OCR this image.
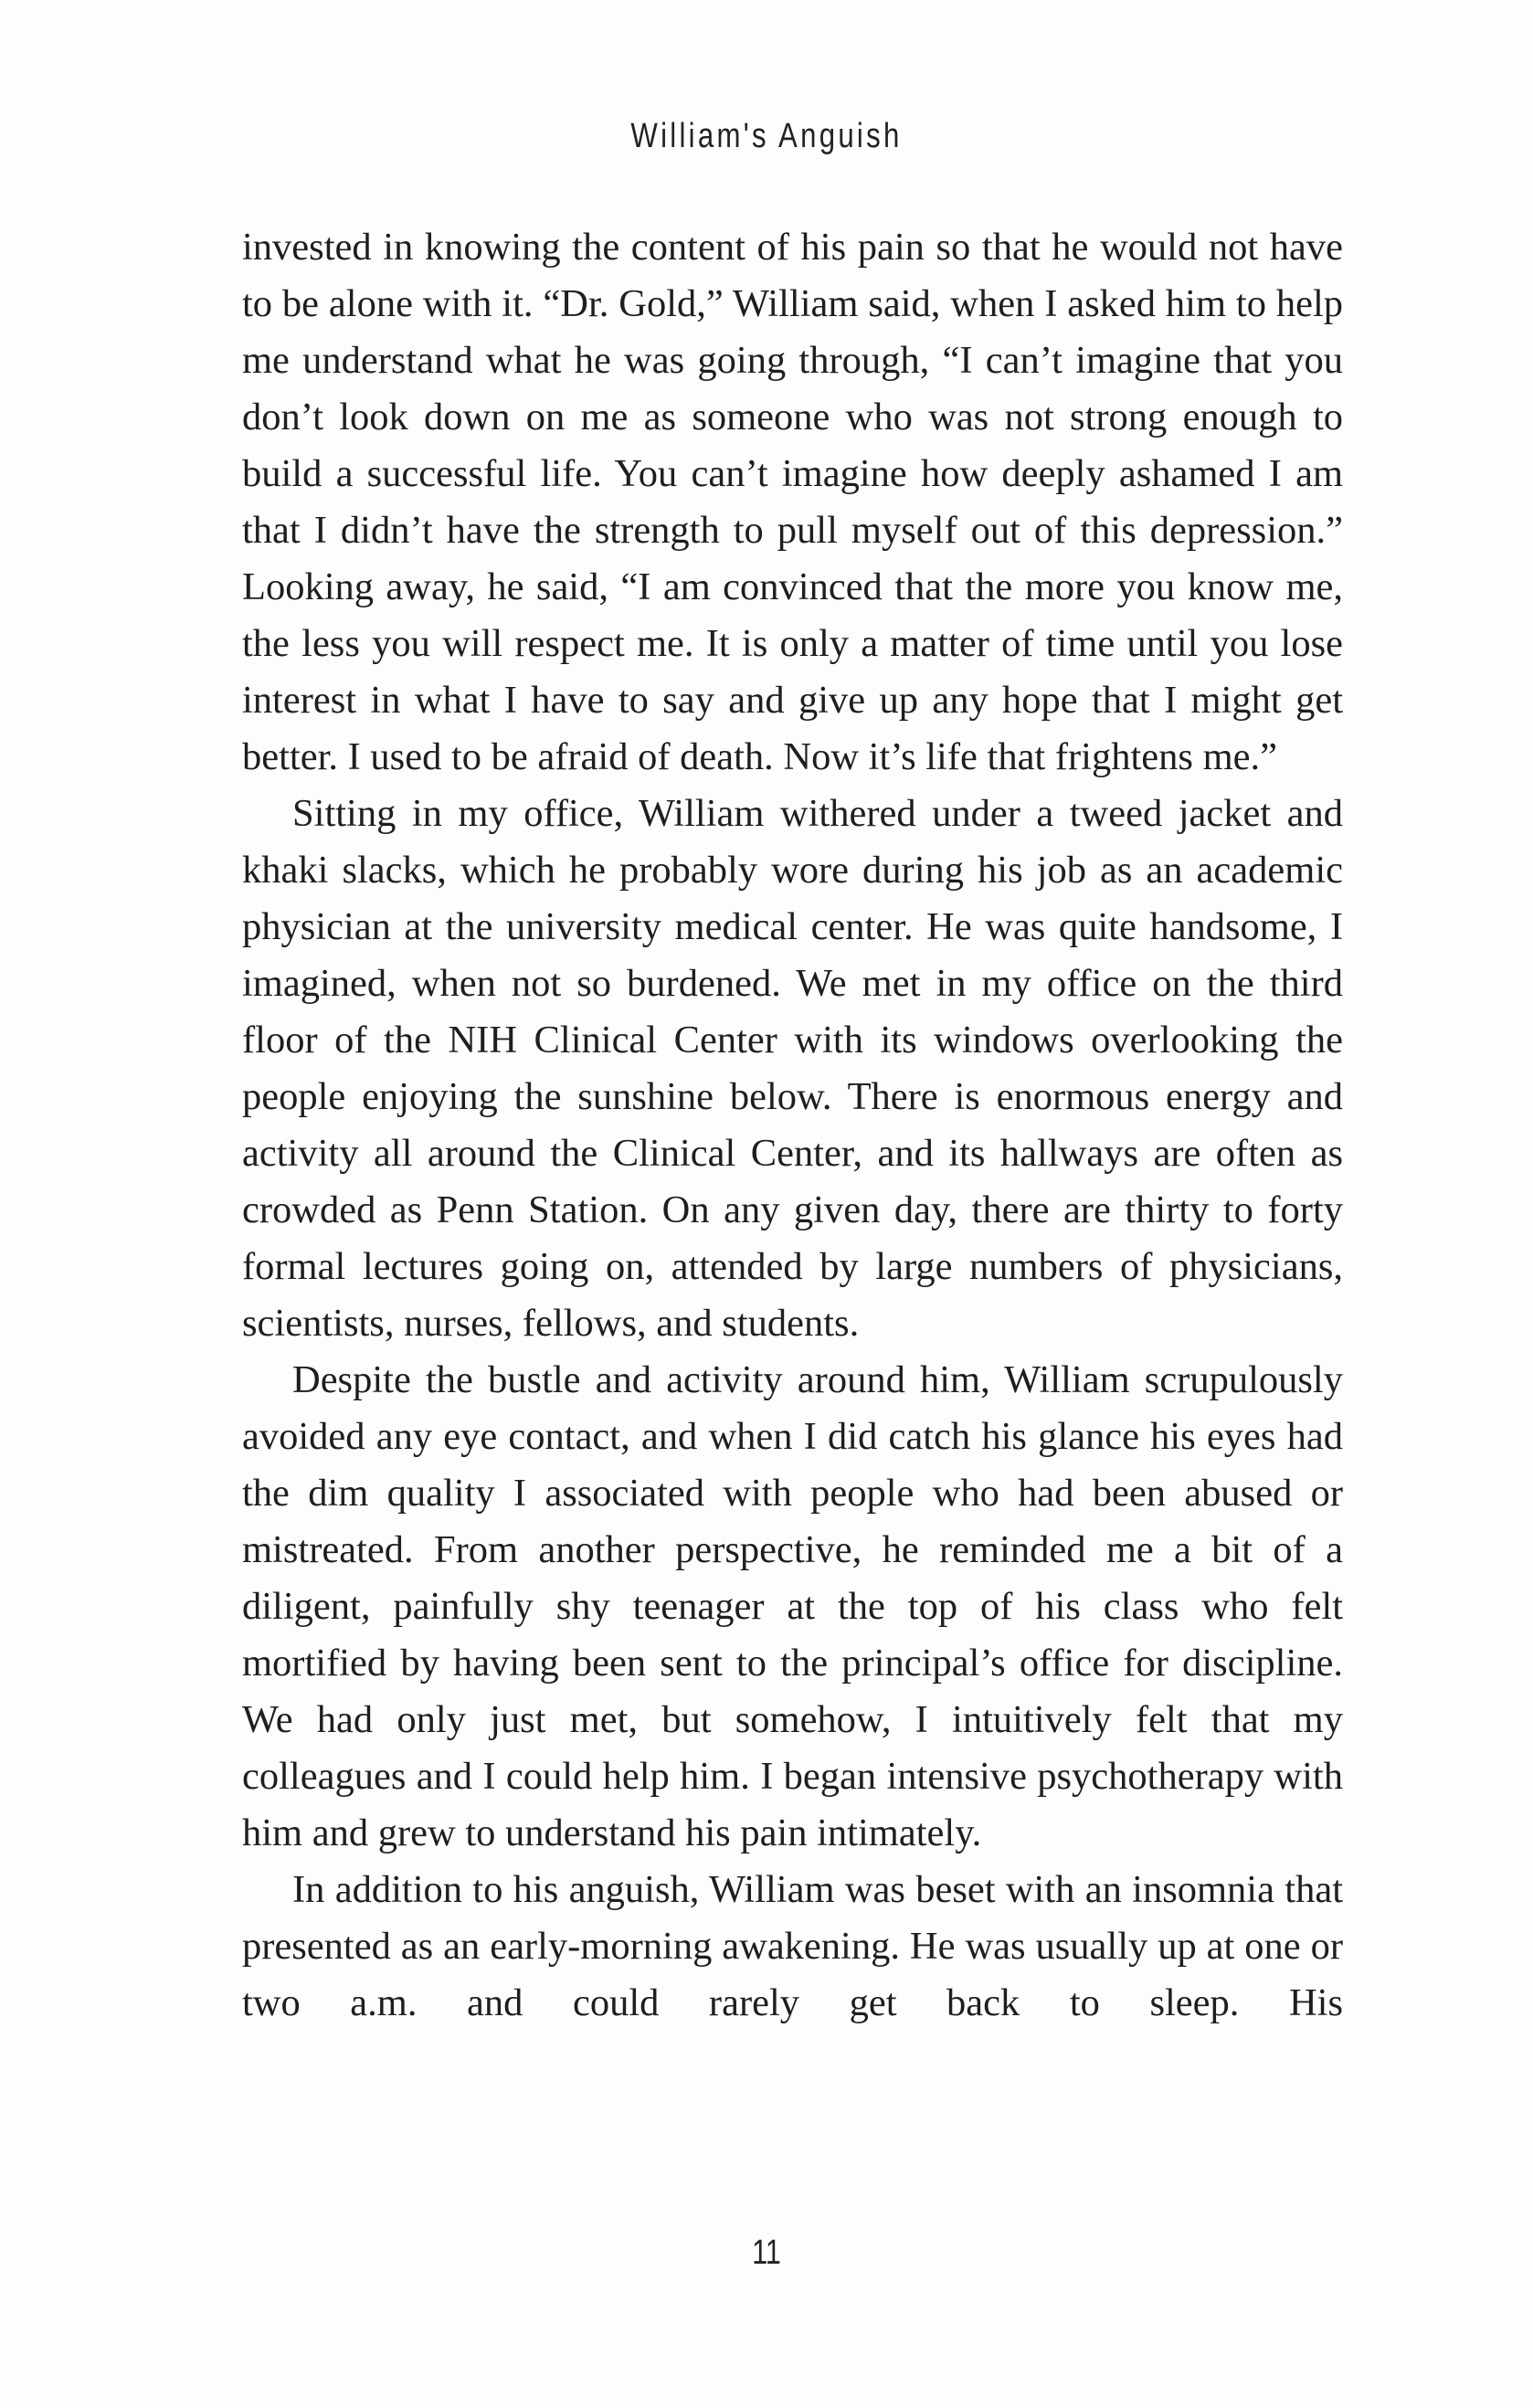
William's Anguish

invested in knowing the content of his pain so that he would not have to be alone with it. “Dr. Gold,” William said, when I asked him to help me understand what he was going through, “I can’t imagine that you don’t look down on me as someone who was not strong enough to build a successful life. You can’t imagine how deeply ashamed I am that I didn’t have the strength to pull myself out of this depression.” Looking away, he said, “I am convinced that the more you know me, the less you will respect me. It is only a matter of time until you lose interest in what I have to say and give up any hope that I might get better. I used to be afraid of death. Now it’s life that frightens me.”

Sitting in my office, William withered under a tweed jacket and khaki slacks, which he probably wore during his job as an academic physician at the university medical center. He was quite handsome, I imagined, when not so burdened. We met in my office on the third floor of the NIH Clinical Center with its windows overlooking the people enjoying the sunshine below. There is enormous energy and activity all around the Clinical Center, and its hallways are often as crowded as Penn Station. On any given day, there are thirty to forty formal lectures going on, attended by large numbers of physicians, scientists, nurses, fellows, and students.

Despite the bustle and activity around him, William scrupulously avoided any eye contact, and when I did catch his glance his eyes had the dim quality I associated with people who had been abused or mistreated. From another perspective, he reminded me a bit of a diligent, painfully shy teenager at the top of his class who felt mortified by having been sent to the principal’s office for discipline. We had only just met, but somehow, I intuitively felt that my colleagues and I could help him. I began intensive psychotherapy with him and grew to understand his pain intimately.

In addition to his anguish, William was beset with an insomnia that presented as an early-morning awakening. He was usually up at one or two a.m. and could rarely get back to sleep. His

11
